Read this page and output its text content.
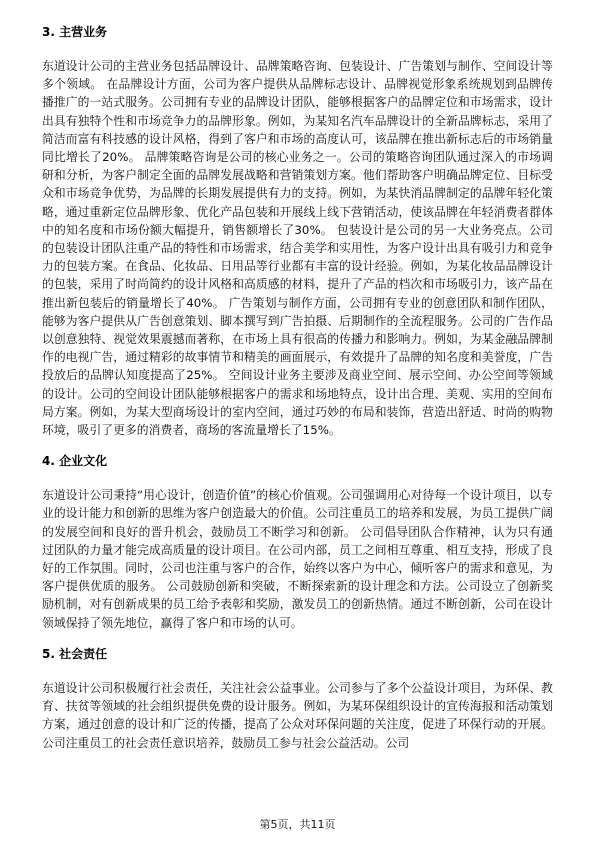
3. 主营业务

东道设计公司的主营业务包括品牌设计、品牌策略咨询、包装设计、广告策划与制作、空间设计等多个领域。 在品牌设计方面，公司为客户提供从品牌标志设计、品牌视觉形象系统规划到品牌传播推广的一站式服务。公司拥有专业的品牌设计团队，能够根据客户的品牌定位和市场需求，设计出具有独特个性和市场竞争力的品牌形象。例如，为某知名汽车品牌设计的全新品牌标志，采用了简洁而富有科技感的设计风格，得到了客户和市场的高度认可，该品牌在推出新标志后的市场销量同比增长了20%。 品牌策略咨询是公司的核心业务之一。公司的策略咨询团队通过深入的市场调研和分析，为客户制定全面的品牌发展战略和营销策划方案。他们帮助客户明确品牌定位、目标受众和市场竞争优势，为品牌的长期发展提供有力的支持。例如，为某快消品牌制定的品牌年轻化策略，通过重新定位品牌形象、优化产品包装和开展线上线下营销活动，使该品牌在年轻消费者群体中的知名度和市场份额大幅提升，销售额增长了30%。 包装设计是公司的另一大业务亮点。公司的包装设计团队注重产品的特性和市场需求，结合美学和实用性，为客户设计出具有吸引力和竞争力的包装方案。在食品、化妆品、日用品等行业都有丰富的设计经验。例如，为某化妆品品牌设计的包装，采用了时尚简约的设计风格和高质感的材料，提升了产品的档次和市场吸引力，该产品在推出新包装后的销量增长了40%。 广告策划与制作方面，公司拥有专业的创意团队和制作团队，能够为客户提供从广告创意策划、脚本撰写到广告拍摄、后期制作的全流程服务。公司的广告作品以创意独特、视觉效果震撼而著称，在市场上具有很高的传播力和影响力。例如，为某金融品牌制作的电视广告，通过精彩的故事情节和精美的画面展示，有效提升了品牌的知名度和美誉度，广告投放后的品牌认知度提高了25%。 空间设计业务主要涉及商业空间、展示空间、办公空间等领域的设计。公司的空间设计团队能够根据客户的需求和场地特点，设计出合理、美观、实用的空间布局方案。例如，为某大型商场设计的室内空间，通过巧妙的布局和装饰，营造出舒适、时尚的购物环境，吸引了更多的消费者，商场的客流量增长了15%。

4. 企业文化

东道设计公司秉持“用心设计，创造价值”的核心价值观。公司强调用心对待每一个设计项目，以专业的设计能力和创新的思维为客户创造最大的价值。公司注重员工的培养和发展，为员工提供广阔的发展空间和良好的晋升机会，鼓励员工不断学习和创新。 公司倡导团队合作精神，认为只有通过团队的力量才能完成高质量的设计项目。在公司内部，员工之间相互尊重、相互支持，形成了良好的工作氛围。同时，公司也注重与客户的合作，始终以客户为中心，倾听客户的需求和意见，为客户提供优质的服务。 公司鼓励创新和突破，不断探索新的设计理念和方法。公司设立了创新奖励机制，对有创新成果的员工给予表彰和奖励，激发员工的创新热情。通过不断创新，公司在设计领域保持了领先地位，赢得了客户和市场的认可。

5. 社会责任

东道设计公司积极履行社会责任，关注社会公益事业。公司参与了多个公益设计项目，为环保、教育、扶贫等领域的社会组织提供免费的设计服务。例如，为某环保组织设计的宣传海报和活动策划方案，通过创意的设计和广泛的传播，提高了公众对环保问题的关注度，促进了环保行动的开展。 公司注重员工的社会责任意识培养，鼓励员工参与社会公益活动。公司

第5页，共11页
